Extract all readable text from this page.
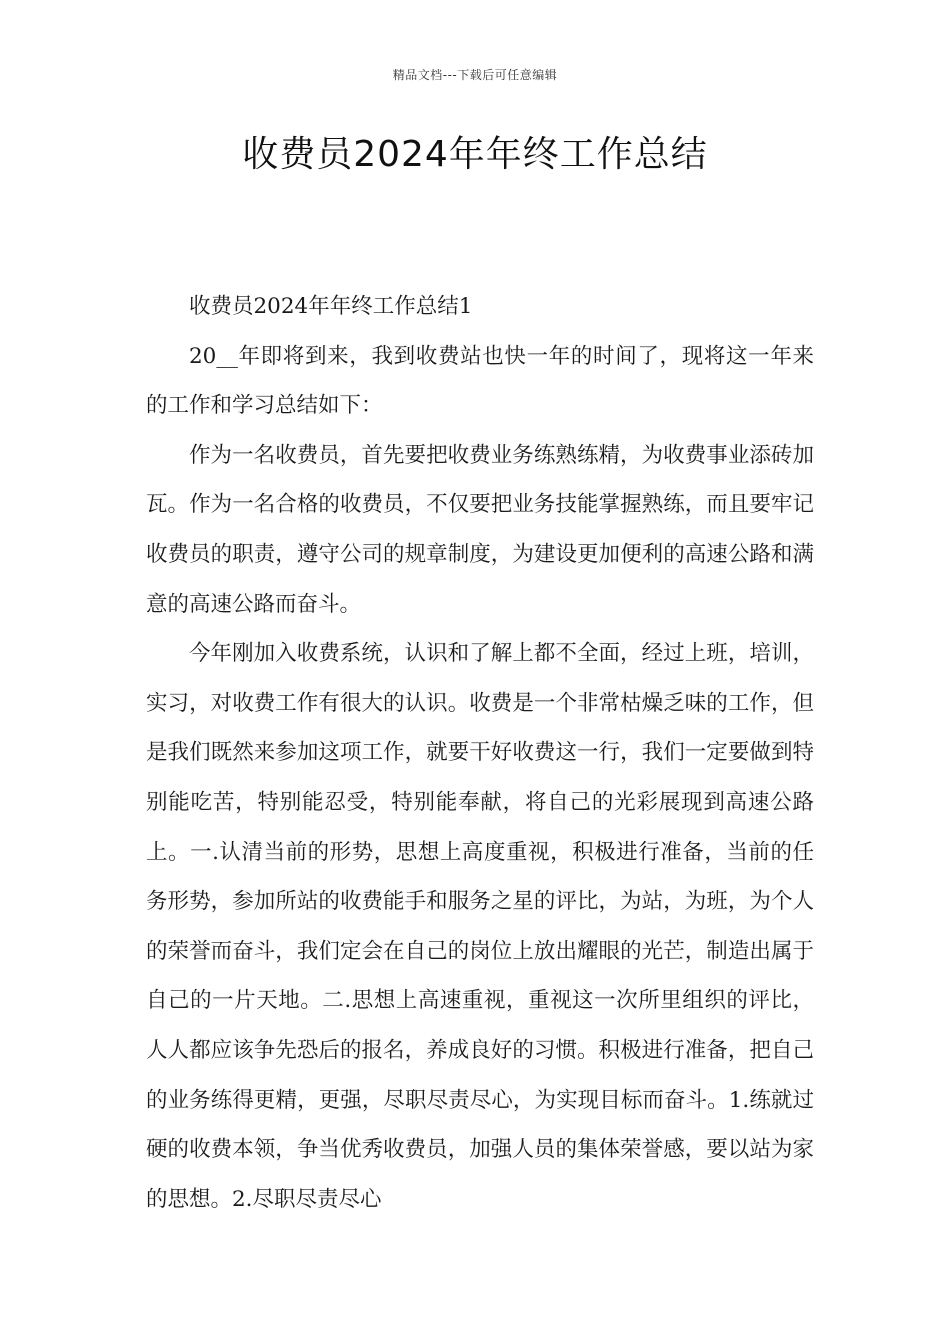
精品文档---下载后可任意编辑
收费员2024年年终工作总结

收费员2024年年终工作总结1

20__年即将到来，我到收费站也快一年的时间了，现将这一年来的工作和学习总结如下：

作为一名收费员，首先要把收费业务练熟练精，为收费事业添砖加瓦。作为一名合格的收费员，不仅要把业务技能掌握熟练，而且要牢记收费员的职责，遵守公司的规章制度，为建设更加便利的高速公路和满意的高速公路而奋斗。

今年刚加入收费系统，认识和了解上都不全面，经过上班，培训，实习，对收费工作有很大的认识。收费是一个非常枯燥乏味的工作，但是我们既然来参加这项工作，就要干好收费这一行，我们一定要做到特别能吃苦，特别能忍受，特别能奉献，将自己的光彩展现到高速公路上。一.认清当前的形势，思想上高度重视，积极进行准备，当前的任务形势，参加所站的收费能手和服务之星的评比，为站，为班，为个人的荣誉而奋斗，我们定会在自己的岗位上放出耀眼的光芒，制造出属于自己的一片天地。二.思想上高速重视，重视这一次所里组织的评比，人人都应该争先恐后的报名，养成良好的习惯。积极进行准备，把自己的业务练得更精，更强，尽职尽责尽心，为实现目标而奋斗。1.练就过硬的收费本领，争当优秀收费员，加强人员的集体荣誉感，要以站为家的思想。2.尽职尽责尽心
